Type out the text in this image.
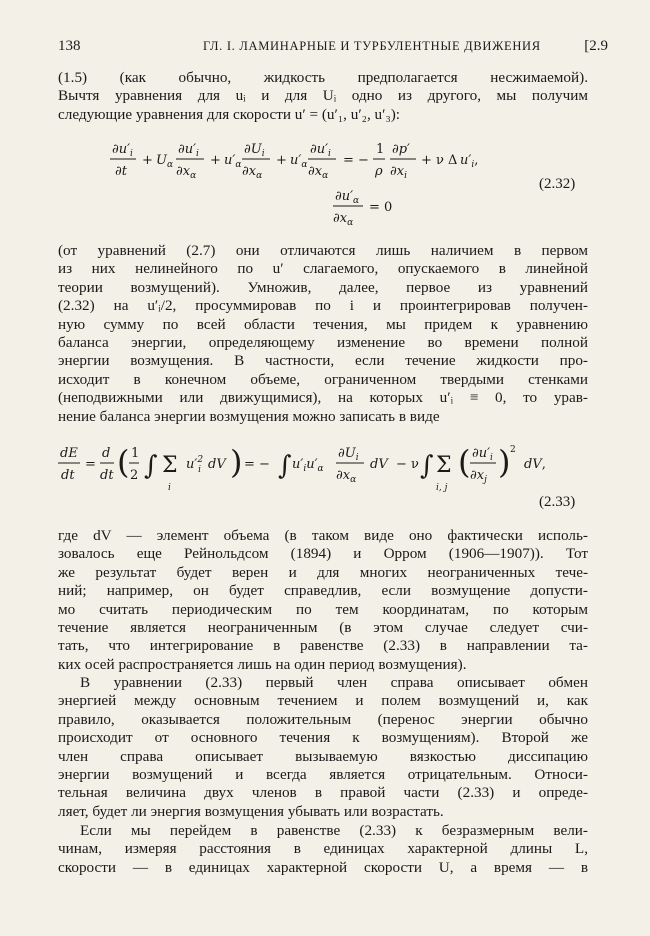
138	ГЛ. I. ЛАМИНАРНЫЕ И ТУРБУЛЕНТНЫЕ ДВИЖЕНИЯ	[2.9
(1.5) (как обычно, жидкость предполагается несжимаемой).
Вычтя уравнения для uᵢ и для Uᵢ одно из другого, мы получим
следующие уравнения для скорости u′ = (u′₁, u′₂, u′₃):
$\partial u'_i$
∂t
+ $U_\alpha$
$\partial u'_i$
$\partial x_\alpha$
+ $u'_\alpha$
$\partial U_i$
$\partial x_\alpha$
+ $u'_\alpha$
$\partial u'_i$
$\partial x_\alpha$
= −
1
ρ
∂p′
$\partial x_i$
+ ν Δ $u'_i$,
$\partial u'_\alpha$
$\partial x_\alpha$
= 0
(2.32)
(от уравнений (2.7) они отличаются лишь наличием в первом
из них нелинейного по u′ слагаемого, опускаемого в линейной
теории возмущений). Умножив, далее, первое из уравнений
(2.32) на u′ᵢ/2, просуммировав по i и проинтегрировав получен-
ную сумму по всей области течения, мы придем к уравнению
баланса энергии, определяющему изменение во времени полной
энергии возмущения. В частности, если течение жидкости про-
исходит в конечном объеме, ограниченном твердыми стенками
(неподвижными или движущимися), на которых u′ᵢ ≡ 0, то урав-
нение баланса энергии возмущения можно записать в виде
dE
dt
=
d
dt ( 1
2 ∫ Σ
i
$u'^2$ i dV ) = − ∫ $u'_iu'_\alpha$
$\partial U_i$
$\partial x_\alpha$
dV − ν ∫ Σ
i, j
( $\partial u'_i$
$\partial x_j$ ) 2
dV,
(2.33)
где dV — элемент объема (в таком виде оно фактически исполь-
зовалось еще Рейнольдсом (1894) и Орром (1906—1907)). Тот
же результат будет верен и для многих неограниченных тече-
ний; например, он будет справедлив, если возмущение допусти-
мо считать периодическим по тем координатам, по которым
течение является неограниченным (в этом случае следует счи-
тать, что интегрирование в равенстве (2.33) в направлении та-
ких осей распространяется лишь на один период возмущения).
В уравнении (2.33) первый член справа описывает обмен
энергией между основным течением и полем возмущений и, как
правило, оказывается положительным (перенос энергии обычно
происходит от основного течения к возмущениям). Второй же
член справа описывает вызываемую вязкостью диссипацию
энергии возмущений и всегда является отрицательным. Относи-
тельная величина двух членов в правой части (2.33) и опреде-
ляет, будет ли энергия возмущения убывать или возрастать.
Если мы перейдем в равенстве (2.33) к безразмерным вели-
чинам, измеряя расстояния в единицах характерной длины L,
скорости — в единицах характерной скорости U, а время — в
